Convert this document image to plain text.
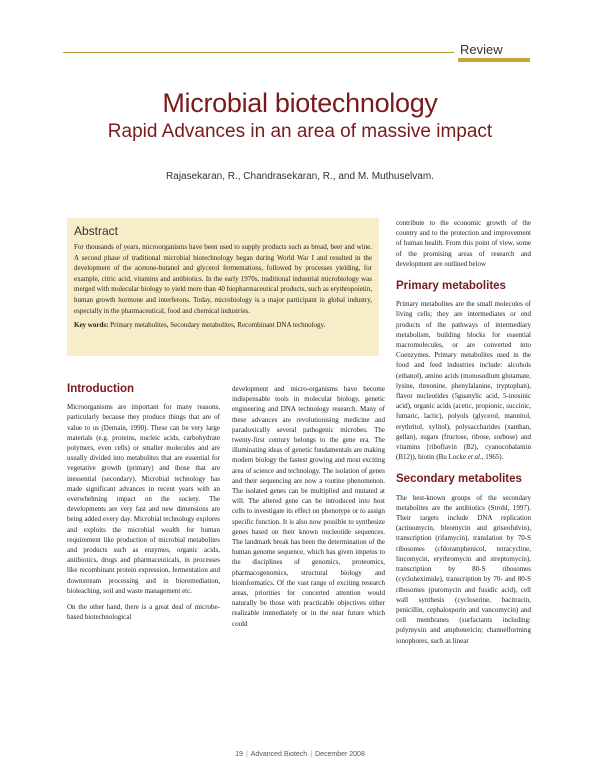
Review
Microbial biotechnology
Rapid Advances in an area of massive impact
Rajasekaran, R., Chandrasekaran, R., and M. Muthuselvam.
Abstract

For thousands of years, microorganisms have been used to supply products such as bread, beer and wine. A second phase of traditional microbial biotechnology began during World War I and resulted in the development of the acetone-butanol and glycerol fermentations, followed by processes yielding, for example, citric acid, vitamins and antibiotics. In the early 1970s, traditional industrial microbiology was merged with molecular biology to yield more than 40 biopharmaceutical products, such as erythropoietin, human growth hormone and interferons. Today, microbiology is a major participant in global industry, especially in the pharmaceutical, food and chemical industries.

Key words: Primary metabolites, Secondary metabolites, Recombinant DNA technology.
Introduction

Microorganisms are important for many reasons, particularly because they produce things that are of value to us (Demain, 1990). These can be very large materials (e.g. proteins, nucleic acids, carbohydrate polymers, even cells) or smaller molecules and are usually divided into metabolites that are essential for vegetative growth (primary) and those that are inessential (secondary). Microbial technology has made significant advances in recent years with an overwhelming impact on the society. The developments are very fast and new dimensions are being added every day. Microbial technology explores and exploits the microbial wealth for human requirement like production of microbial metabolites and products such as enzymes, organic acids, antibiotics, drugs and pharmaceuticals, in processes like recombinant protein expression, fermentation and downstream processing and in bioremediation, bioleaching, soil and waste management etc.

On the other hand, there is a great deal of microbe-based biotechnological

development and micro-organisms have become indispensable tools in molecular biology, genetic engineering and DNA technology research. Many of these advances are revolutionising medicine and paradoxically several pathogenic microbes. The twenty-first century belongs to the gene era. The illuminating ideas of genetic fundamentals are making modern biology the fastest growing and most exciting area of science and technology. The isolation of genes and their sequencing are now a routine phenomenon. The isolated genes can be multiplied and mutated at will. The altered gene can be introduced into host cells to investigate its effect on phenotype or to assign specific function. It is also now possible to synthesize genes based on their known nucleotide sequences. The landmark break has been the determination of the human genome sequence, which has given impetus to the disciplines of genomics, proteomics, pharmacogenomics, structural biology and bioinformatics. Of the vast range of exciting research areas, priorities for concerted attention would naturally be those with practicable objectives either realizable immediately or in the near future which could

contribute to the economic growth of the country and to the protection and improvement of human health. From this point of view, some of the promising areas of research and development are outlined below

Primary metabolites

Primary metabolites are the small molecules of living cells; they are intermediates or end products of the pathways of intermediary metabolism, building blocks for essential macromolecules, or are converted into Coenzymes. Primary metabolites used in the food and feed industries include: alcohols (ethanol), amino acids (monosodium glutamate, lysine, threonine, phenylalanine, tryptophan), flavor nucleotides (5guanylic acid, 5-inosinic acid), organic acids (acetic, propionic, succinic, fumaric, lactic), polyols (glycerol, mannitol, erythritol, xylitol), polysaccharides (xanthan, gellan), sugars (fructose, ribose, sorbose) and vitamins [riboflavin (B2), cyanocobalamin (B12)), biotin (Bu Locke et al., 1965).

Secondary metabolites

The best-known groups of the secondary metabolites are the antibiotics (Strohl, 1997). Their targets include DNA replication (actinomycin, bleomycin and griseofulvin), transcription (rifamycin), translation by 70-S ribosomes (chloramphenicol, tetracycline, lincomycin, erythromycin and streptomycin), transcription by 80-S ribosomes (cycloheximide), transcription by 70- and 80-S ribosomes (puromycin and fusidic acid), cell wall synthesis (cycloserine, bacitracin, penicillin, cephalosporin and vancomycin) and cell membranes (surfactants including: polymyxin and amphotericin; channelforming ionophores, such as linear

19 | Advanced Biotech | December 2008
